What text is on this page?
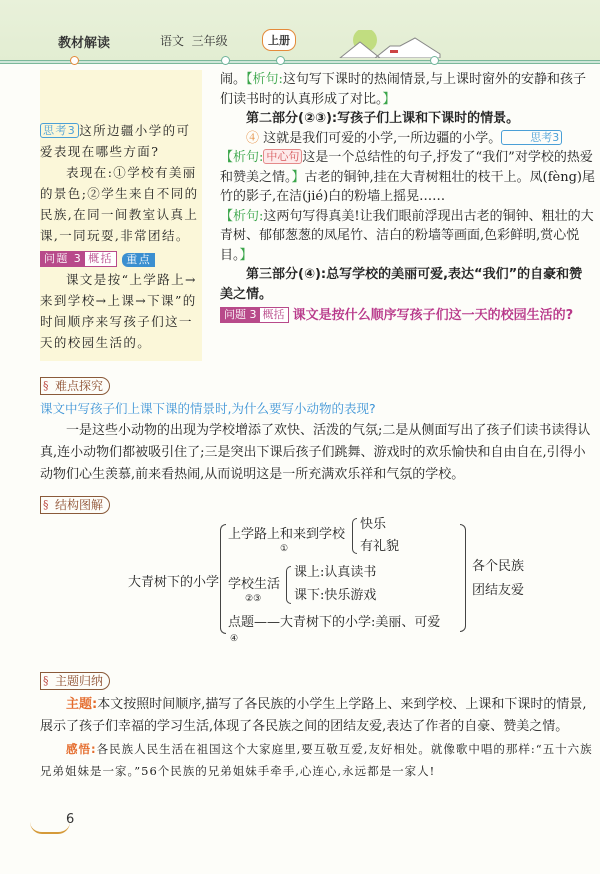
教材解读	语文 三年级	上册

思考3 这所边疆小学的可爱表现在哪些方面?

表现在:①学校有美丽的景色;②学生来自不同的民族,在同一间教室认真上课,一同玩耍,非常团结。

问题 3 概括 重点

课文是按“上学路上→来到学校→上课→下课”的时间顺序来写孩子们这一天的校园生活的。

闹。【析句:这句写下课时的热闹情景,与上课时窗外的安静和孩子们读书时的认真形成了对比。】

第二部分(②③):写孩子们上课和下课时的情景。

④ 这就是我们可爱的小学,一所边疆的小学。	思考3

【析句: 中心句 这是一个总结性的句子,抒发了“我们”对学校的热爱和赞美之情。】古老的铜钟,挂在大青树粗壮的枝干上。凤(fèng)尾竹的影子,在洁(jié)白的粉墙上摇晃……

【析句:这两句写得真美!让我们眼前浮现出古老的铜钟、粗壮的大青树、郁郁葱葱的凤尾竹、洁白的粉墙等画面,色彩鲜明,赏心悦目。】

第三部分(④):总写学校的美丽可爱,表达“我们”的自豪和赞美之情。

问题 3 概括 课文是按什么顺序写孩子们这一天的校园生活的?

§ 难点探究

课文中写孩子们上课下课的情景时,为什么要写小动物的表现?

一是这些小动物的出现为学校增添了欢快、活泼的气氛;二是从侧面写出了孩子们读书读得认真,连小动物们都被吸引住了;三是突出下课后孩子们跳舞、游戏时的欢乐愉快和自由自在,引得小动物们心生羡慕,前来看热闹,从而说明这是一所充满欢乐祥和气氛的学校。

§ 结构图解
大青树下的小学
上学路上和来到学校
①
快乐
有礼貌
学校生活
②③
课上:认真读书
课下:快乐游戏
点题——大青树下的小学:美丽、可爱
④
各个民族
团结友爱
§ 主题归纳

主题:本文按照时间顺序,描写了各民族的小学生上学路上、来到学校、上课和下课时的情景,展示了孩子们幸福的学习生活,体现了各民族之间的团结友爱,表达了作者的自豪、赞美之情。

感悟:各民族人民生活在祖国这个大家庭里,要互敬互爱,友好相处。就像歌中唱的那样:“五十六族兄弟姐妹是一家。”56个民族的兄弟姐妹手牵手,心连心,永远都是一家人!

6
